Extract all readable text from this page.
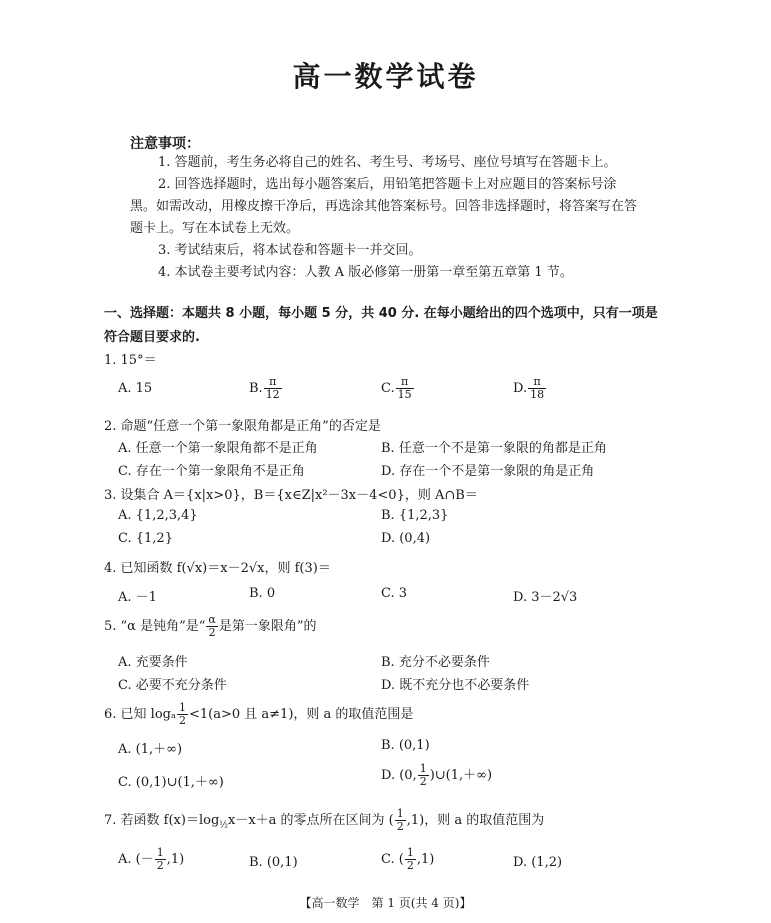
高一数学试卷
注意事项：
1. 答题前，考生务必将自己的姓名、考生号、考场号、座位号填写在答题卡上。
2. 回答选择题时，选出每小题答案后，用铅笔把答题卡上对应题目的答案标号涂黑。如需改动，用橡皮擦干净后，再选涂其他答案标号。回答非选择题时，将答案写在答题卡上。写在本试卷上无效。
3. 考试结束后，将本试卷和答题卡一并交回。
4. 本试卷主要考试内容：人教 A 版必修第一册第一章至第五章第 1 节。
一、选择题：本题共 8 小题，每小题 5 分，共 40 分. 在每小题给出的四个选项中，只有一项是符合题目要求的.
1. 15°＝
A. 15	B. $\frac{\pi}{12}$	C. $\frac{\pi}{15}$	D. $\frac{\pi}{18}$
2. 命题“任意一个第一象限角都是正角”的否定是
A. 任意一个第一象限角都不是正角	B. 任意一个不是第一象限的角都是正角
C. 存在一个第一象限角不是正角	D. 存在一个不是第一象限的角是正角
3. 设集合 A＝{x|x>0}，B＝{x∈Z|x²－3x－4<0}，则 A∩B＝
A. {1,2,3,4}	B. {1,2,3}
C. {1,2}	D. (0,4)
4. 已知函数 f(√x)＝x－2√x，则 f(3)＝
A. －1	B. 0	C. 3	D. 3－2√3
5. “α 是钝角”是“ $\frac{\alpha}{2}$ 是第一象限角”的
A. 充要条件	B. 充分不必要条件
C. 必要不充分条件	D. 既不充分也不必要条件
6. 已知 logₐ $\frac{1}{2} <1(a>0$ 且 a≠1)，则 a 的取值范围是
A. (1,＋∞)	B. (0,1)
C. (0,1)∪(1,＋∞)	D. (0, $\frac{1}{2}$ )∪(1,＋∞)
7. 若函数 $f(x)=\log_{\frac{1}{2}}x-x+a$ 的零点所在区间为 ( $\frac{1}{2} ,1$)，则 a 的取值范围为
A. (－ $\frac{1}{2} ,1$)	B. (0,1)	C. ( $\frac{1}{2} ,1$)	D. (1,2)
【高一数学　第 1 页(共 4 页)】
